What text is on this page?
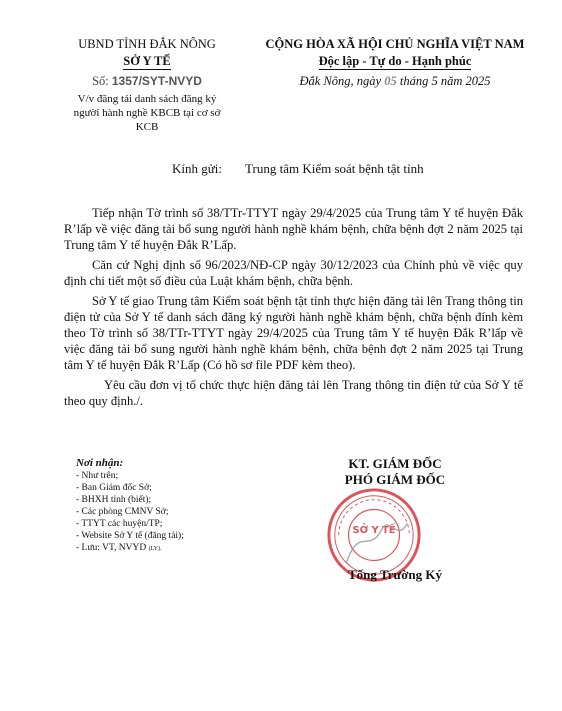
UBND TỈNH ĐẮK NÔNG
SỞ Y TẾ
Số: 1357/SYT-NVYD
V/v đăng tải danh sách đăng ký người hành nghề KBCB tại cơ sở KCB
CỘNG HÒA XÃ HỘI CHỦ NGHĨA VIỆT NAM
Độc lập - Tự do - Hạnh phúc
Đắk Nông, ngày 05 tháng 5 năm 2025
Kính gửi: Trung tâm Kiểm soát bệnh tật tỉnh

Tiếp nhận Tờ trình số 38/TTr-TTYT ngày 29/4/2025 của Trung tâm Y tế huyện Đắk R’lấp về việc đăng tải bổ sung người hành nghề khám bệnh, chữa bệnh đợt 2 năm 2025 tại Trung tâm Y tế huyện Đắk R’Lấp.

Căn cứ Nghị định số 96/2023/NĐ-CP ngày 30/12/2023 của Chính phủ về việc quy định chi tiết một số điều của Luật khám bệnh, chữa bệnh.

Sở Y tế giao Trung tâm Kiểm soát bệnh tật tỉnh thực hiện đăng tải lên Trang thông tin điện tử của Sở Y tế danh sách đăng ký người hành nghề khám bệnh, chữa bệnh đính kèm theo Tờ trình số 38/TTr-TTYT ngày 29/4/2025 của Trung tâm Y tế huyện Đắk R’lấp về việc đăng tải bổ sung người hành nghề khám bệnh, chữa bệnh đợt 2 năm 2025 tại Trung tâm Y tế huyện Đắk R’Lấp (Có hồ sơ file PDF kèm theo).

Yêu cầu đơn vị tổ chức thực hiện đăng tải lên Trang thông tin điện tử của Sở Y tế theo quy định./.

Nơi nhận:
- Như trên;
- Ban Giám đốc Sở;
- BHXH tỉnh (biết);
- Các phòng CMNV Sở;
- TTYT các huyện/TP;
- Website Sở Y tế (đăng tải);
- Lưu: VT, NVYD (LY).
KT. GIÁM ĐỐC
PHÓ GIÁM ĐỐC
SỞ Y TẾ
Tống Trường Ký
